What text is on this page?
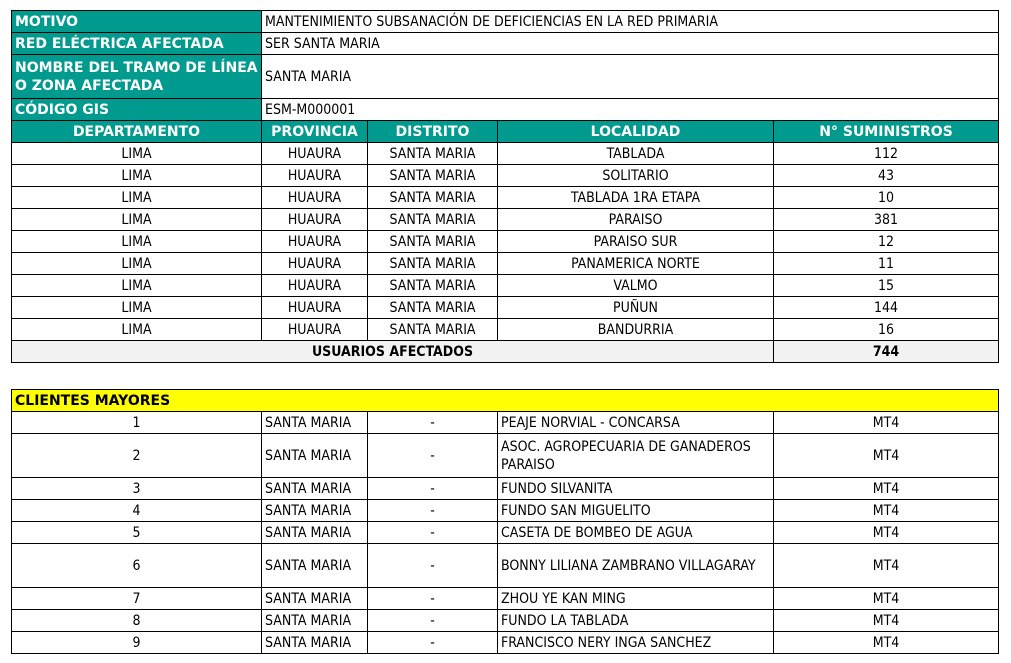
MOTIVO	MANTENIMIENTO SUBSANACIÓN DE DEFICIENCIAS EN LA RED PRIMARIA			
RED ELÉCTRICA AFECTADA	SER SANTA MARIA			
NOMBRE DEL TRAMO DE LÍNEA O ZONA AFECTADA	SANTA MARIA			
CÓDIGO GIS	ESM-M000001			
DEPARTAMENTO	PROVINCIA	DISTRITO	LOCALIDAD	N° SUMINISTROS
LIMA	HUAURA	SANTA MARIA	TABLADA	112
LIMA	HUAURA	SANTA MARIA	SOLITARIO	43
LIMA	HUAURA	SANTA MARIA	TABLADA 1RA ETAPA	10
LIMA	HUAURA	SANTA MARIA	PARAISO	381
LIMA	HUAURA	SANTA MARIA	PARAISO SUR	12
LIMA	HUAURA	SANTA MARIA	PANAMERICA NORTE	11
LIMA	HUAURA	SANTA MARIA	VALMO	15
LIMA	HUAURA	SANTA MARIA	PUÑUN	144
LIMA	HUAURA	SANTA MARIA	BANDURRIA	16
USUARIOS AFECTADOS				744
CLIENTES MAYORES				
1	SANTA MARIA	-	PEAJE NORVIAL - CONCARSA	MT4
2	SANTA MARIA	-	ASOC. AGROPECUARIA DE GANADEROS PARAISO	MT4
3	SANTA MARIA	-	FUNDO SILVANITA	MT4
4	SANTA MARIA	-	FUNDO SAN MIGUELITO	MT4
5	SANTA MARIA	-	CASETA DE BOMBEO DE AGUA	MT4
6	SANTA MARIA	-	BONNY LILIANA ZAMBRANO VILLAGARAY	MT4
7	SANTA MARIA	-	ZHOU YE KAN MING	MT4
8	SANTA MARIA	-	FUNDO LA TABLADA	MT4
9	SANTA MARIA	-	FRANCISCO NERY INGA SANCHEZ	MT4
